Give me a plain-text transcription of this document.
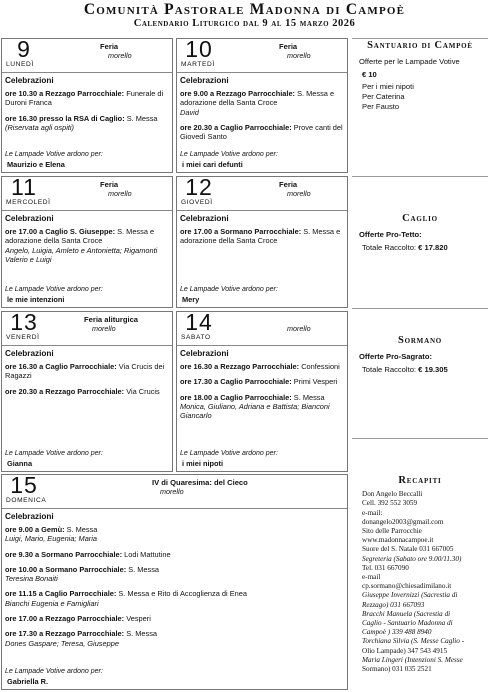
Comunità Pastorale Madonna di Campoè
Calendario Liturgico dal 9 al 15 marzo 2026
9
LUNEDÌ
Feria
morello
Celebrazioni
ore 10.30 a Rezzago Parrocchiale: Funerale di Duroni Franca
ore 16.30 presso la RSA di Caglio: S. Messa
(Riservata agli ospiti)
Le Lampade Votive ardono per:
Maurizio e Elena
10
MARTEDÌ
Feria
morello
Celebrazioni
ore 9.00 a Rezzago Parrocchiale: S. Messa e adorazione della Santa Croce
David
ore 20.30 a Caglio Parrocchiale: Prove canti del Giovedì Santo
Le Lampade Votive ardono per:
i miei cari defunti
11
MERCOLEDÌ
Feria
morello
Celebrazioni
ore 17.00 a Caglio S. Giuseppe: S. Messa e adorazione della Santa Croce
Angelo, Luigia, Amleto e Antonietta; Rigamonti Valerio e Luigi
Le Lampade Votive ardono per:
le mie intenzioni
12
GIOVEDÌ
Feria
morello
Celebrazioni
ore 17.00 a Sormano Parrocchiale: S. Messa e adorazione della Santa Croce
Le Lampade Votive ardono per:
Mery
13
VENERDÌ
Feria aliturgica
morello
Celebrazioni
ore 16.30 a Caglio Parrocchiale: Via Crucis dei Ragazzi
ore 20.30 a Rezzago Parrocchiale: Via Crucis
Le Lampade Votive ardono per:
Gianna
14
SABATO
morello
Celebrazioni
ore 16.30 a Rezzago Parrocchiale: Confessioni
ore 17.30 a Caglio Parrocchiale: Primi Vesperi
ore 18.00 a Caglio Parrocchiale: S. Messa
Monica, Giuliano, Adriana e Battista; Bianconi Giancarlo
Le Lampade Votive ardono per:
i miei nipoti
15
DOMENICA
IV di Quaresima: del Cieco
morello
Celebrazioni
ore 9.00 a Gemù: S. Messa
Luigi, Mario, Eugenia; Maria
ore 9.30 a Sormano Parrocchiale: Lodi Mattutine
ore 10.00 a Sormano Parrocchiale: S. Messa
Teresina Bonaiti
ore 11.15 a Caglio Parrocchiale: S. Messa e Rito di Accoglienza di Enea
Bianchi Eugenia e Famigliari
ore 17.00 a Rezzago Parrocchiale: Vesperi
ore 17.30 a Rezzago Parrocchiale: S. Messa
Dones Gaspare; Teresa, Giuseppe
Le Lampade Votive ardono per:
Gabriella R.
Santuario di Campoè
Offerte per le Lampade Votive
€ 10
Per i miei nipoti
Per Caterina
Per Fausto
Caglio
Offerte Pro-Tetto:
Totale Raccolto: € 17.820
Sormano
Offerte Pro-Sagrato:
Totale Raccolto: € 19.305
Recapiti
Don Angelo Beccalli
Cell. 392 552 3059
e-mail:
donangelo2003@gmail.com
Sito delle Parrocchie
www.madonnacampoe.it
Suore del S. Natale 031 667005
Segreteria (Sabato ore 9.00/11.30)
Tel. 031 667090
e-mail
cp.sormano@chiesadimilano.it
Giuseppe Invernizzi (Sacrestia di
Rezzago) 031 667093
Bracchi Manuela (Sacrestia di
Caglio - Santuario Madonna di
Campoè ) 339 488 8940
Torchiana Silvia (S. Messe Caglio -
Olio Lampade) 347 543 4915
Maria Lingeri (Intenzioni S. Messe
Sormano) 031 035 2521
